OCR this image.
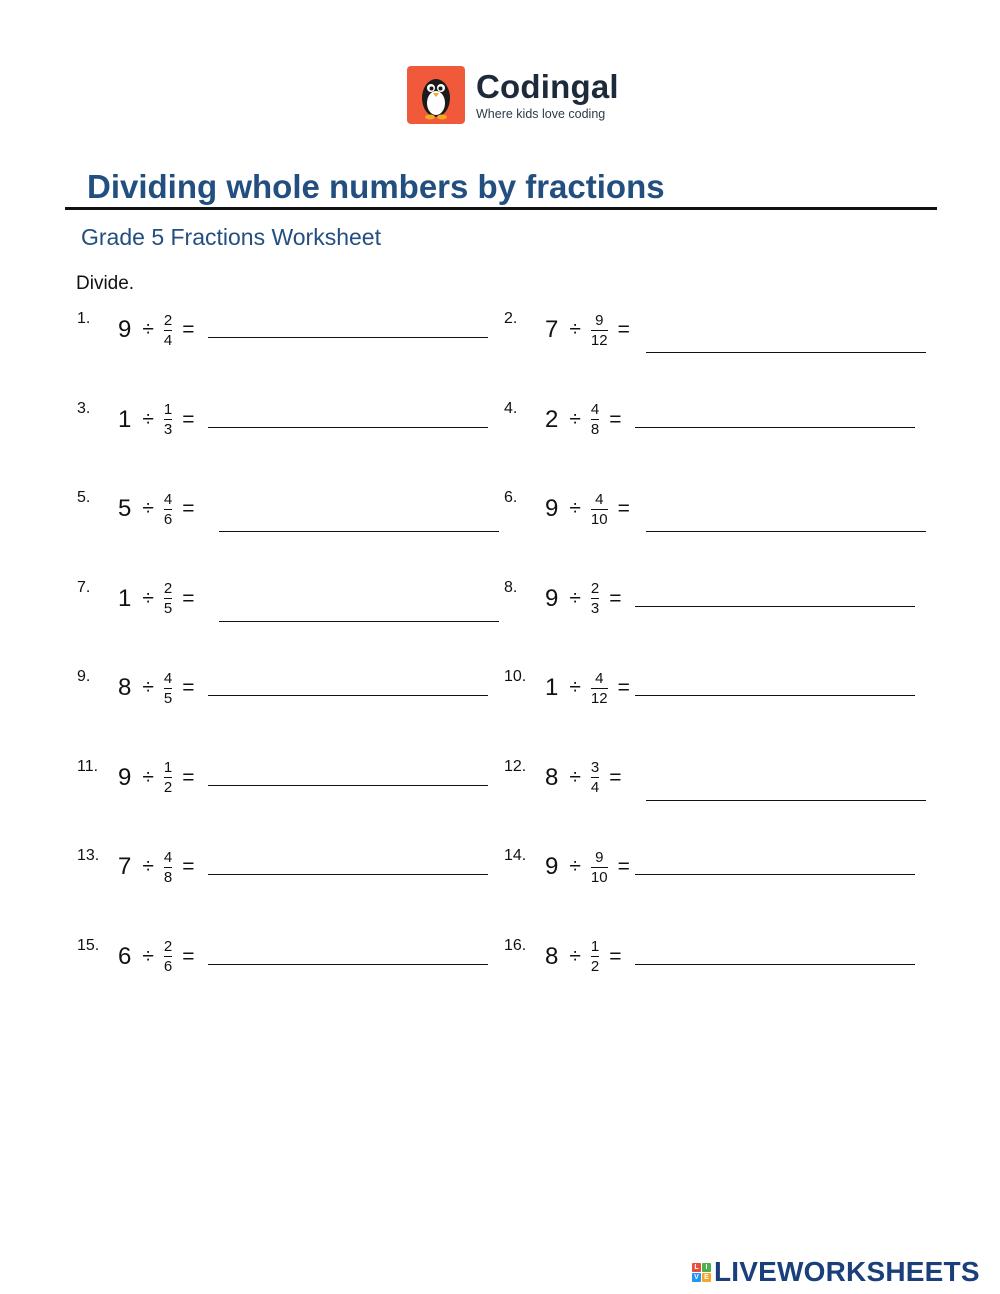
Codingal
Where kids love coding
Dividing whole numbers by fractions
Grade 5 Fractions Worksheet
Divide.
1. $9 \div \frac{2}{4}$ =	2. $7 \div \frac{9}{12}$ =
3. $1 \div \frac{1}{3}$ =	4. $2 \div \frac{4}{8}$ =
5. $5 \div \frac{4}{6}$ =	6. $9 \div \frac{4}{10}$ =
7. $1 \div \frac{2}{5}$ =	8. $9 \div \frac{2}{3}$ =
9. $8 \div \frac{4}{5}$ =	10. $1 \div \frac{4}{12}$ =
11. $9 \div \frac{1}{2}$ =	12. $8 \div \frac{3}{4}$ =
13. $7 \div \frac{4}{8}$ =	14. $9 \div \frac{9}{10}$ =
15. $6 \div \frac{2}{6}$ =	16. $8 \div \frac{1}{2}$ =
L I
V E LIVEWORKSHEETS
